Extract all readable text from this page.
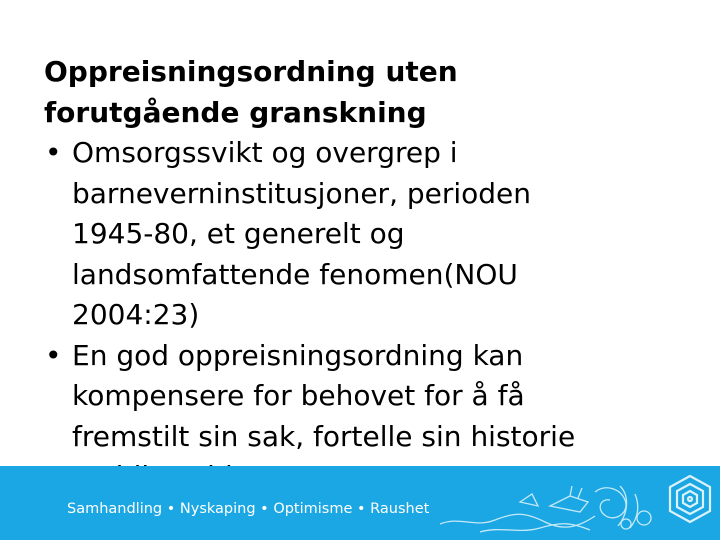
Oppreisningsordning uten
forutgående granskning
• Omsorgssvikt og overgrep i
barneverninstitusjoner, perioden
1945-80, et generelt og
landsomfattende fenomen(NOU
2004:23)
• En god oppreisningsordning kan
kompensere for behovet for å få
fremstilt sin sak, fortelle sin historie
Samhandling • Nyskaping • Optimisme • Raushet
